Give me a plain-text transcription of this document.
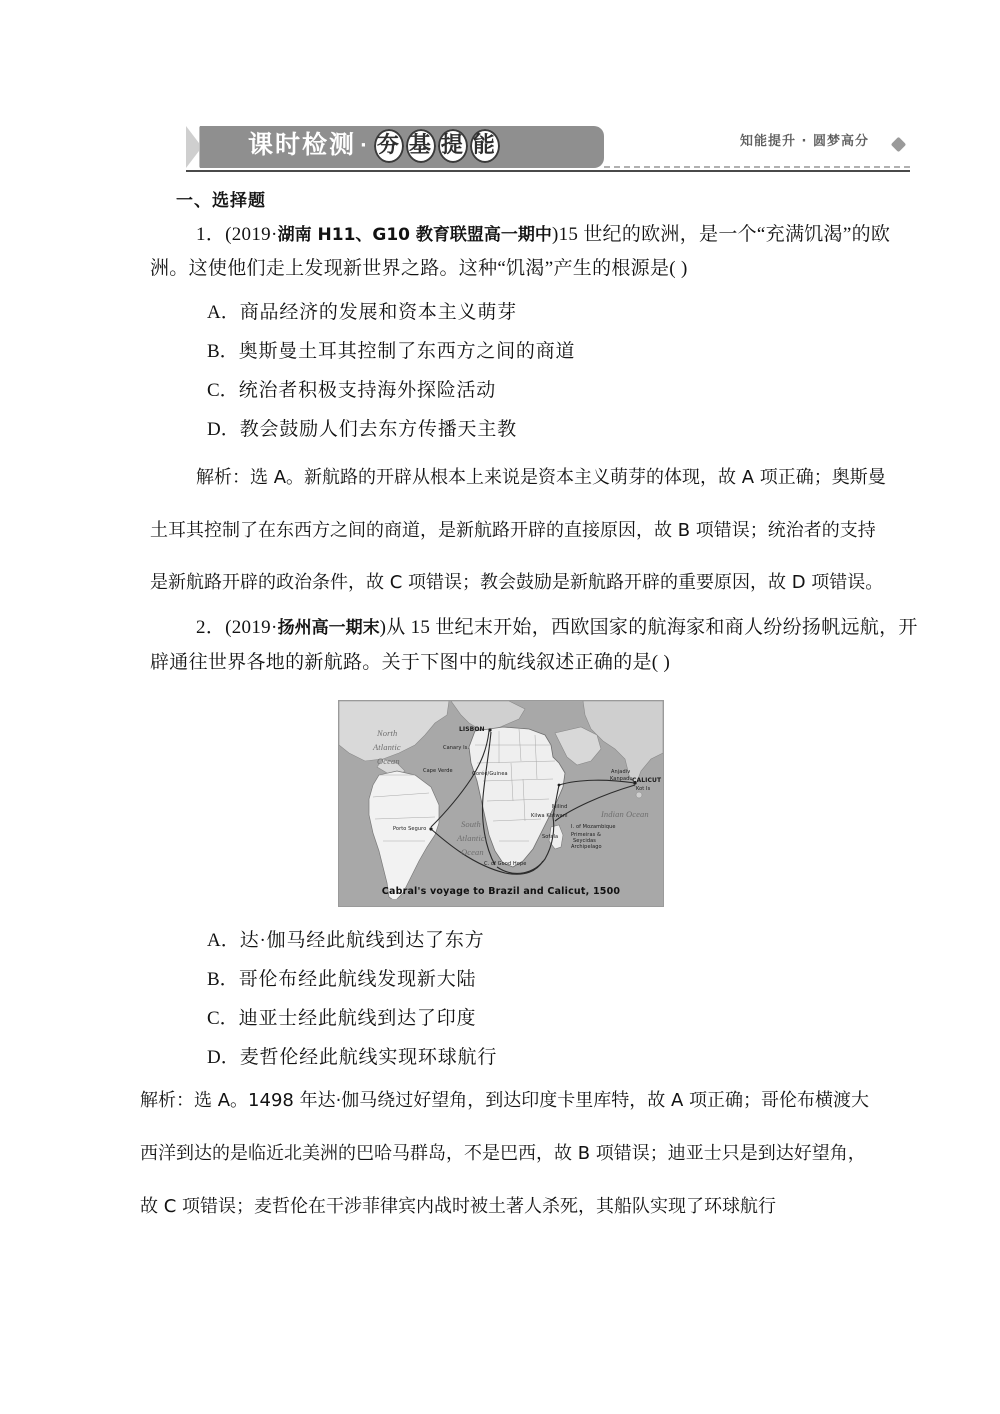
课时检测 · 夯 基 提 能	知能提升 · 圆梦高分
一、选择题
1．(2019·湖南 H11、G10 教育联盟高一期中)15 世纪的欧洲，是一个“充满饥渴”的欧
洲。这使他们走上发现新世界之路。这种“饥渴”产生的根源是( )
A．商品经济的发展和资本主义萌芽
B．奥斯曼土耳其控制了东西方之间的商道
C．统治者积极支持海外探险活动
D．教会鼓励人们去东方传播天主教
解析：选 A。新航路的开辟从根本上来说是资本主义萌芽的体现，故 A 项正确；奥斯曼
土耳其控制了在东西方之间的商道，是新航路开辟的直接原因，故 B 项错误；统治者的支持
是新航路开辟的政治条件，故 C 项错误；教会鼓励是新航路开辟的重要原因，故 D 项错误。
2．(2019·扬州高一期末)从 15 世纪末开始，西欧国家的航海家和商人纷纷扬帆远航，开
辟通往世界各地的新航路。关于下图中的航线叙述正确的是( )
North
Atlantic
Ocean
LISBON
Canary Is.
Cape Verde	Gorée/Guinea
Porto Seguro	South
Atlantic
Ocean
C. of Good Hope
Anjadiv
Kanpadu CALICUT
Kot Is
Indian Ocean
Milind
Kilwa Kisiwani
I. of Mozambique
Sofala	Primeiras &
Seycidas
Archipelago
Cabral's voyage to Brazil and Calicut, 1500
A．达·伽马经此航线到达了东方
B．哥伦布经此航线发现新大陆
C．迪亚士经此航线到达了印度
D．麦哲伦经此航线实现环球航行
解析：选 A。1498 年达·伽马绕过好望角，到达印度卡里库特，故 A 项正确；哥伦布横渡大
西洋到达的是临近北美洲的巴哈马群岛，不是巴西，故 B 项错误；迪亚士只是到达好望角，
故 C 项错误；麦哲伦在干涉菲律宾内战时被土著人杀死，其船队实现了环球航行
